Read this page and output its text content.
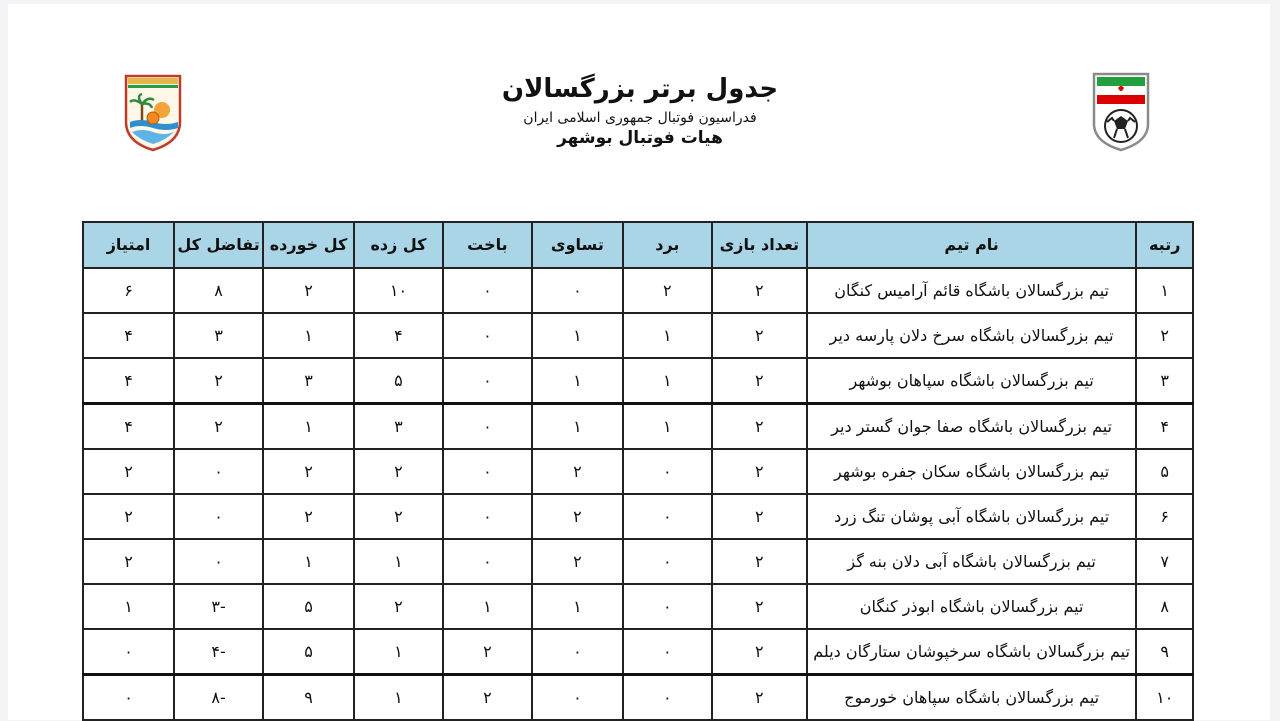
جدول برتر بزرگسالان
فدراسیون فوتبال جمهوری اسلامی ایران
هیات فوتبال بوشهر
رتبه	نام تیم	تعداد بازی	برد	تساوی	باخت	کل زده	کل خورده	تفاضل کل	امتیاز
۱	تیم بزرگسالان باشگاه قائم آرامیس کنگان	۲	۲	۰	۰	۱۰	۲	۸	۶
۲	تیم بزرگسالان باشگاه سرخ دلان پارسه دیر	۲	۱	۱	۰	۴	۱	۳	۴
۳	تیم بزرگسالان باشگاه سپاهان بوشهر	۲	۱	۱	۰	۵	۳	۲	۴
۴	تیم بزرگسالان باشگاه صفا جوان گستر دیر	۲	۱	۱	۰	۳	۱	۲	۴
۵	تیم بزرگسالان باشگاه سکان جفره بوشهر	۲	۰	۲	۰	۲	۲	۰	۲
۶	تیم بزرگسالان باشگاه آبی پوشان تنگ زرد	۲	۰	۲	۰	۲	۲	۰	۲
۷	تیم بزرگسالان باشگاه آبی دلان بنه گز	۲	۰	۲	۰	۱	۱	۰	۲
۸	تیم بزرگسالان باشگاه ابوذر کنگان	۲	۰	۱	۱	۲	۵	-۳	۱
۹	تیم بزرگسالان باشگاه سرخپوشان ستارگان دیلم	۲	۰	۰	۲	۱	۵	-۴	۰
۱۰	تیم بزرگسالان باشگاه سپاهان خورموج	۲	۰	۰	۲	۱	۹	-۸	۰
